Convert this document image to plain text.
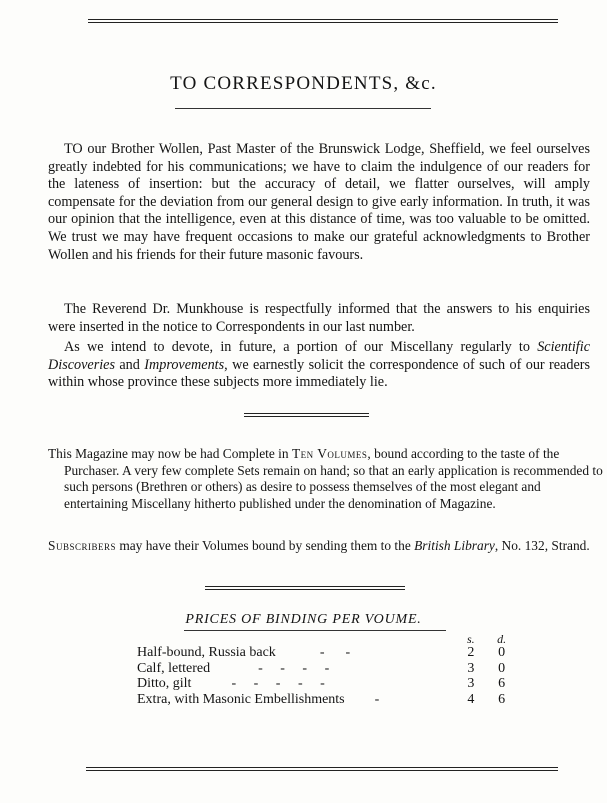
TO CORRESPONDENTS, &c.

TO our Brother Wollen, Past Master of the Brunswick Lodge, Sheffield, we feel ourselves greatly indebted for his communications; we have to claim the indulgence of our readers for the lateness of insertion: but the accuracy of detail, we flatter ourselves, will amply compensate for the deviation from our general design to give early information. In truth, it was our opinion that the intelligence, even at this distance of time, was too valuable to be omitted. We trust we may have frequent occasions to make our grateful acknowledgments to Brother Wollen and his friends for their future masonic favours.

The Reverend Dr. Munkhouse is respectfully informed that the answers to his enquiries were inserted in the notice to Correspondents in our last number.

As we intend to devote, in future, a portion of our Miscellany regularly to Scientific Discoveries and Improvements, we earnestly solicit the correspondence of such of our readers within whose province these subjects more immediately lie.

This Magazine may now be had Complete in Ten Volumes, bound according to the taste of the Purchaser. A very few complete Sets remain on hand; so that an early application is recommended to such persons (Brethren or others) as desire to possess themselves of the most elegant and entertaining Miscellany hitherto published under the denomination of Magazine.

Subscribers may have their Volumes bound by sending them to the British Library, No. 132, Strand.

PRICES OF BINDING PER VOUME.
	s.	d.
Half-bound, Russia back -      -	2	0
Calf, lettered -     -     -     -	3	0
Ditto, gilt -     -     -     -     -	3	6
Extra, with Masonic Embellishments -	4	6
